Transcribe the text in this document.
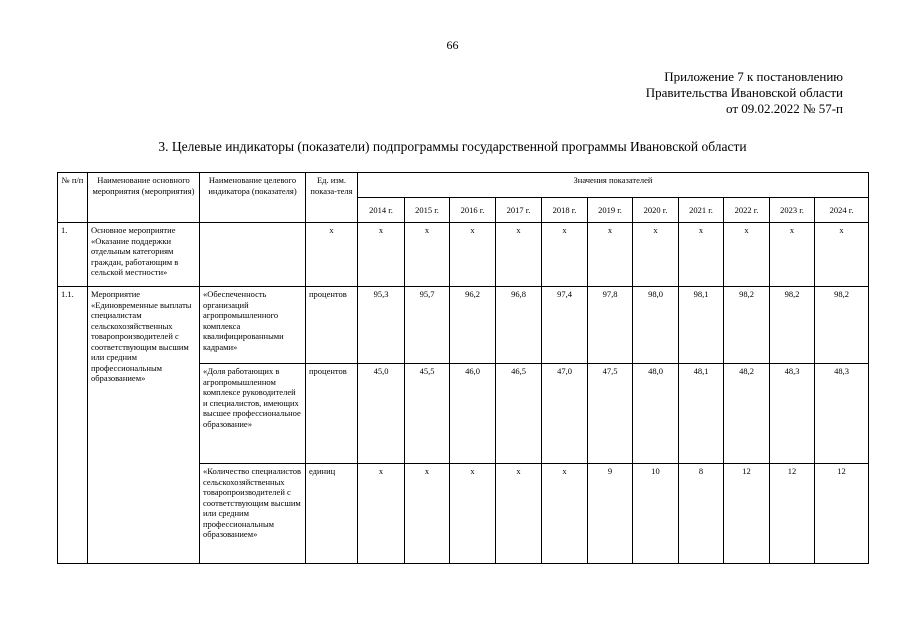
66
Приложение 7 к постановлению
Правительства Ивановской области
от 09.02.2022 № 57-п
3. Целевые индикаторы (показатели) подпрограммы государственной программы Ивановской области
№ п/п	Наименование основного мероприятия (мероприятия)	Наименование целевого индикатора (показателя)	Ед. изм. показа-теля	Значения показателей										
				2014 г.	2015 г.	2016 г.	2017 г.	2018 г.	2019 г.	2020 г.	2021 г.	2022 г.	2023 г.	2024 г.
1.	Основное мероприятие «Оказание поддержки отдельным категориям граждан, работающим в сельской местности»		х	х	х	х	х	х	х	х	х	х	х	х
1.1.	Мероприятие «Единовременные выплаты специалистам сельскохозяйственных товаропроизводителей с соответствующим высшим или средним профессиональным образованием»	«Обеспеченность организаций агропромышленного комплекса квалифицированными кадрами»	процентов	95,3	95,7	96,2	96,8	97,4	97,8	98,0	98,1	98,2	98,2	98,2
		«Доля работающих в агропромышленном комплексе руководителей и специалистов, имеющих высшее профессиональное образование»	процентов	45,0	45,5	46,0	46,5	47,0	47,5	48,0	48,1	48,2	48,3	48,3
		«Количество специалистов сельскохозяйственных товаропроизводителей с соответствующим высшим или средним профессиональным образованием»	единиц	х	х	х	х	х	9	10	8	12	12	12
